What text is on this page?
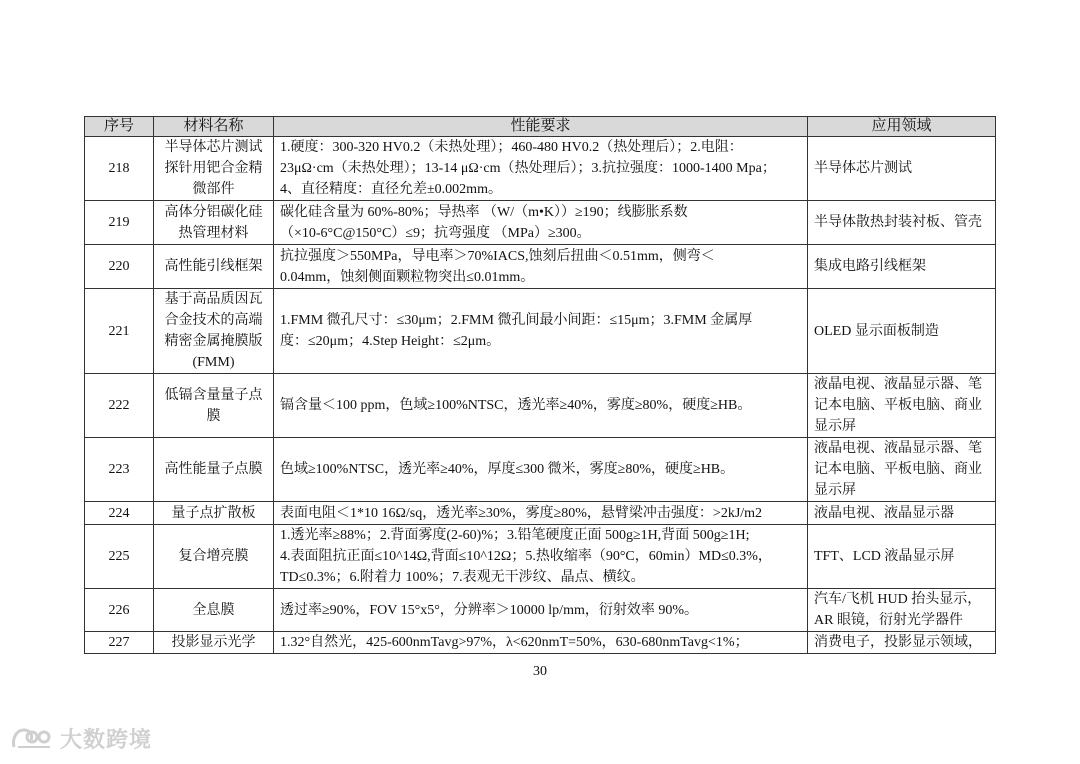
序号	材料名称	性能要求	应用领域
218	半导体芯片测试探针用钯合金精微部件	1.硬度：300-320 HV0.2（未热处理）；460-480 HV0.2（热处理后）；2.电阻：
23μΩ·cm（未热处理）；13-14 μΩ·cm（热处理后）；3.抗拉强度：1000-1400 Mpa；
4、直径精度：直径允差±0.002mm。	半导体芯片测试
219	高体分铝碳化硅热管理材料	碳化硅含量为 60%-80%；导热率 （W/（m•K））≥190；线膨胀系数
（×10-6°C@150°C）≤9；抗弯强度 （MPa）≥300。	半导体散热封装衬板、管壳
220	高性能引线框架	抗拉强度＞550MPa，导电率＞70%IACS,蚀刻后扭曲＜0.51mm，侧弯＜
0.04mm，蚀刻侧面颗粒物突出≤0.01mm。	集成电路引线框架
221	基于高品质因瓦合金技术的高端精密金属掩膜版(FMM)	1.FMM 微孔尺寸：≤30μm；2.FMM 微孔间最小间距：≤15μm；3.FMM 金属厚
度：≤20μm；4.Step Height：≤2μm。	OLED 显示面板制造
222	低镉含量量子点膜	镉含量＜100 ppm，色域≥100%NTSC，透光率≥40%，雾度≥80%，硬度≥HB。	液晶电视、液晶显示器、笔记本电脑、平板电脑、商业显示屏
223	高性能量子点膜	色域≥100%NTSC，透光率≥40%，厚度≤300 微米，雾度≥80%，硬度≥HB。	液晶电视、液晶显示器、笔记本电脑、平板电脑、商业显示屏
224	量子点扩散板	表面电阻＜1*10 16Ω/sq，透光率≥30%，雾度≥80%，悬臂梁冲击强度：>2kJ/m2	液晶电视、液晶显示器
225	复合增亮膜	1.透光率≥88%；2.背面雾度(2-60)%；3.铅笔硬度正面 500g≥1H,背面 500g≥1H;
4.表面阻抗正面≤10^14Ω,背面≤10^12Ω；5.热收缩率（90°C，60min）MD≤0.3%，
TD≤0.3%；6.附着力 100%；7.表观无干涉纹、晶点、横纹。	TFT、LCD 液晶显示屏
226	全息膜	透过率≥90%，FOV 15°x5°，分辨率＞10000 lp/mm，衍射效率 90%。	汽车/飞机 HUD 抬头显示，AR 眼镜，衍射光学器件
227	投影显示光学	1.32°自然光，425-600nmTavg>97%，λ<620nmT=50%，630-680nmTavg<1%；	消费电子，投影显示领域，
30
大数跨境
